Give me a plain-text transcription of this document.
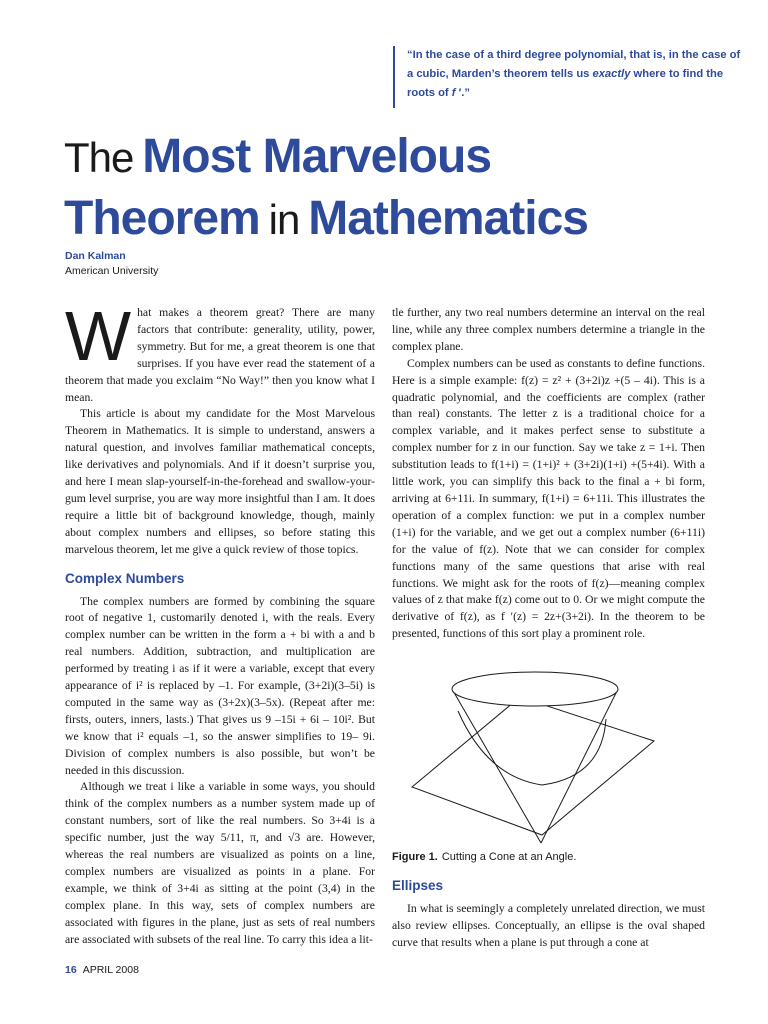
“In the case of a third degree polynomial, that is, in the case of a cubic, Marden’s theorem tells us exactly where to find the roots of f ′.”

The Most Marvelous
Theorem in Mathematics
Dan Kalman
American University

What makes a theorem great? There are many factors that contribute: generality, utility, power, symmetry. But for me, a great theorem is one that surprises. If you have ever read the statement of a theorem that made you exclaim “No Way!” then you know what I mean.

This article is about my candidate for the Most Marvelous Theorem in Mathematics. It is simple to understand, answers a natural question, and involves familiar mathematical concepts, like derivatives and polynomials. And if it doesn’t surprise you, and here I mean slap-yourself-in-the-forehead and swallow-your-gum level surprise, you are way more insightful than I am. It does require a little bit of background knowledge, though, mainly about complex numbers and ellipses, so before stating this marvelous theorem, let me give a quick review of those topics.

Complex Numbers

The complex numbers are formed by combining the square root of negative 1, customarily denoted i, with the reals. Every complex number can be written in the form a + bi with a and b real numbers. Addition, subtraction, and multiplication are performed by treating i as if it were a variable, except that every appearance of i² is replaced by –1. For example, (3+2i)(3–5i) is computed in the same way as (3+2x)(3–5x). (Repeat after me: firsts, outers, inners, lasts.) That gives us 9 –15i + 6i – 10i². But we know that i² equals –1, so the answer simplifies to 19– 9i. Division of complex numbers is also possible, but won’t be needed in this discussion.

Although we treat i like a variable in some ways, you should think of the complex numbers as a number system made up of constant numbers, sort of like the real numbers. So 3+4i is a specific number, just the way 5/11, π, and √3 are. However, whereas the real numbers are visualized as points on a line, complex numbers are visualized as points in a plane. For example, we think of 3+4i as sitting at the point (3,4) in the complex plane. In this way, sets of complex numbers are associated with figures in the plane, just as sets of real numbers are associated with subsets of the real line. To carry this idea a lit-

tle further, any two real numbers determine an interval on the real line, while any three complex numbers determine a triangle in the complex plane.

Complex numbers can be used as constants to define functions. Here is a simple example: f(z) = z² + (3+2i)z +(5 – 4i). This is a quadratic polynomial, and the coefficients are complex (rather than real) constants. The letter z is a traditional choice for a complex variable, and it makes perfect sense to substitute a complex number for z in our function. Say we take z = 1+i. Then substitution leads to f(1+i) = (1+i)² + (3+2i)(1+i) +(5+4i). With a little work, you can simplify this back to the final a + bi form, arriving at 6+11i. In summary, f(1+i) = 6+11i. This illustrates the operation of a complex function: we put in a complex number (1+i) for the variable, and we get out a complex number (6+11i) for the value of f(z). Note that we can consider for complex functions many of the same questions that arise with real functions. We might ask for the roots of f(z)—meaning complex values of z that make f(z) come out to 0. Or we might compute the derivative of f(z), as f ′(z) = 2z+(3+2i). In the theorem to be presented, functions of this sort play a prominent role.

Figure 1. Cutting a Cone at an Angle.

Ellipses

In what is seemingly a completely unrelated direction, we must also review ellipses. Conceptually, an ellipse is the oval shaped curve that results when a plane is put through a cone at

16 APRIL 2008
